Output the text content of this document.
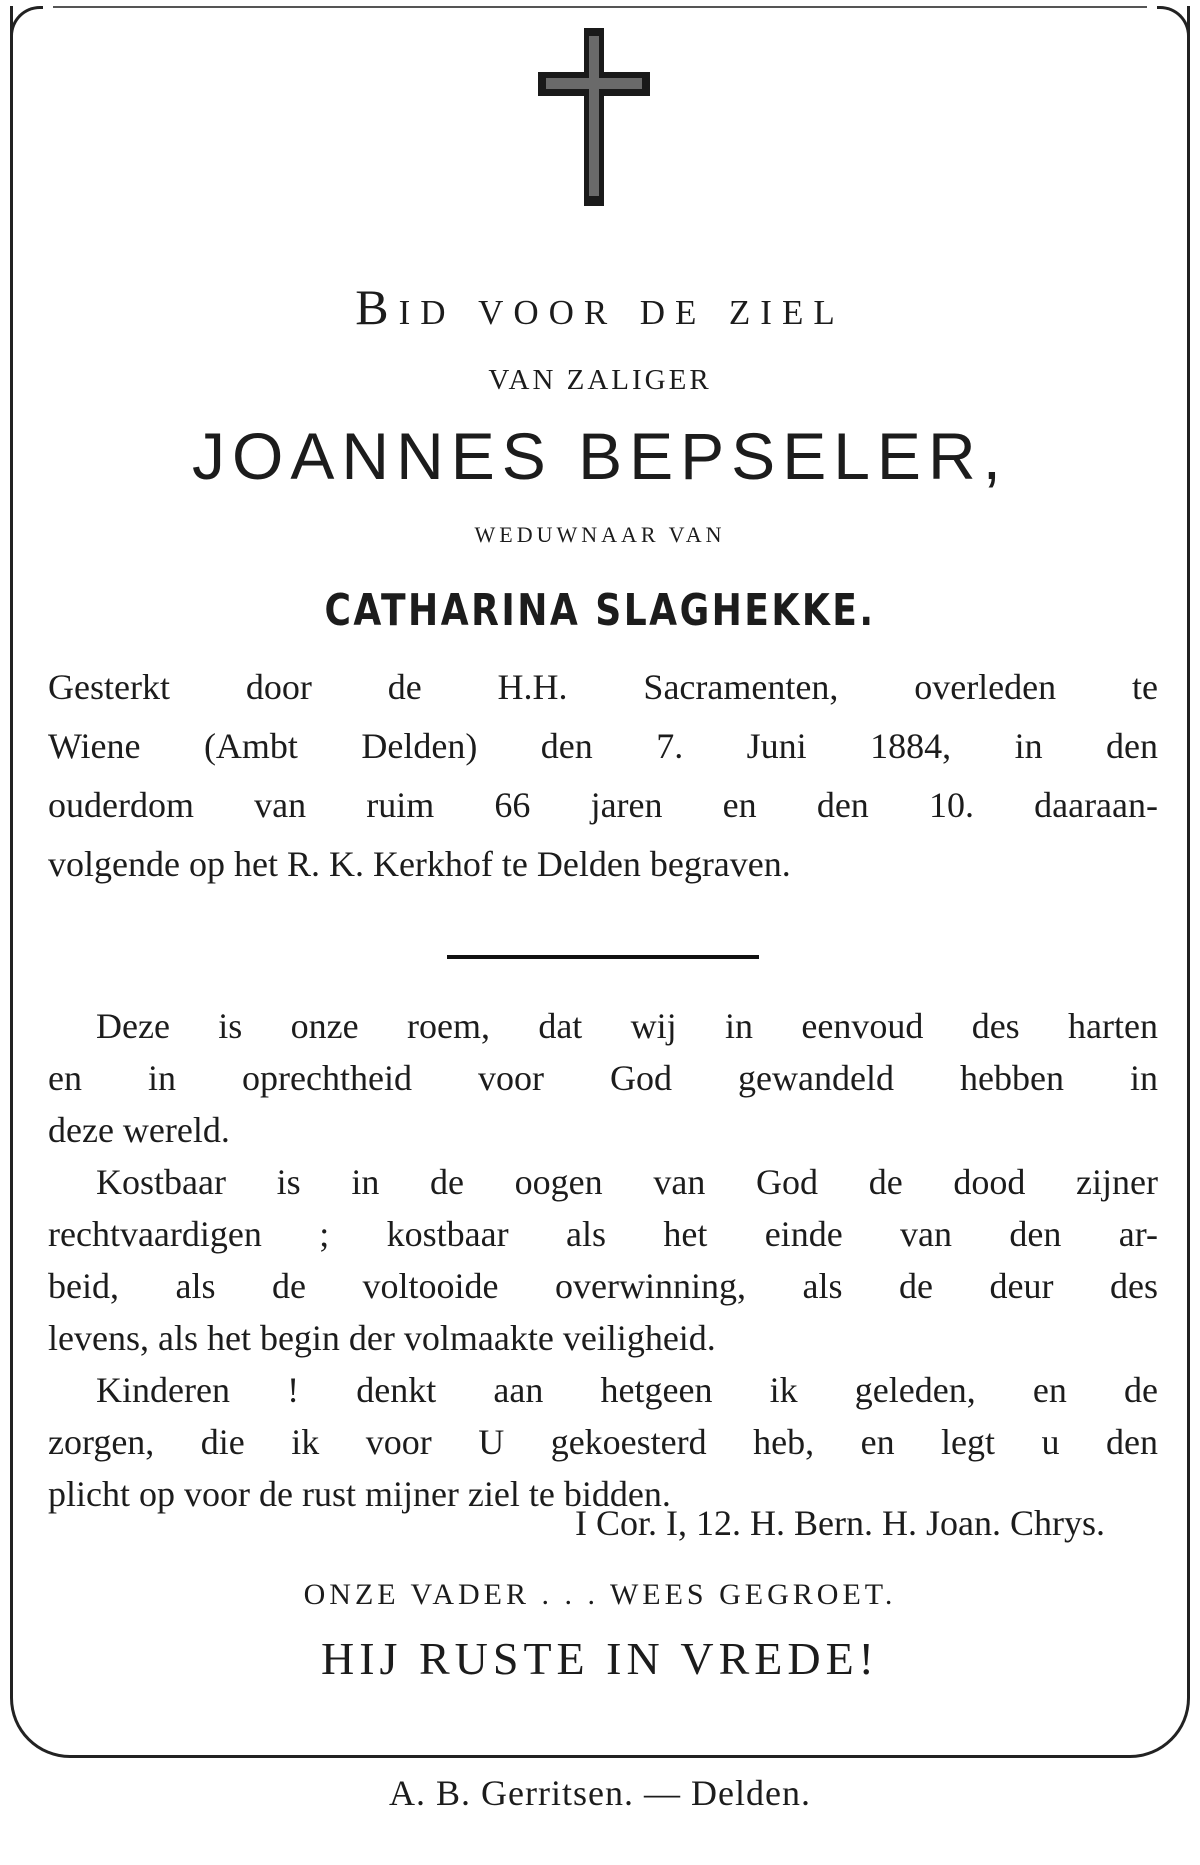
Bid voor de ziel
VAN ZALIGER
JOANNES BEPSELER,
WEDUWNAAR VAN
CATHARINA SLAGHEKKE.
Gesterkt door de H.H. Sacramenten, overleden te
Wiene (Ambt Delden) den 7. Juni 1884, in den
ouderdom van ruim 66 jaren en den 10. daaraan-
volgende op het R. K. Kerkhof te Delden begraven.
Deze is onze roem, dat wij in eenvoud des harten
en in oprechtheid voor God gewandeld hebben in
deze wereld.
Kostbaar is in de oogen van God de dood zijner
rechtvaardigen ; kostbaar als het einde van den ar-
beid, als de voltooide overwinning, als de deur des
levens, als het begin der volmaakte veiligheid.
Kinderen ! denkt aan hetgeen ik geleden, en de
zorgen, die ik voor U gekoesterd heb, en legt u den
plicht op voor de rust mijner ziel te bidden.
I Cor. I, 12. H. Bern. H. Joan. Chrys.
ONZE VADER . . . WEES GEGROET.
HIJ RUSTE IN VREDE!
A. B. Gerritsen. — Delden.
